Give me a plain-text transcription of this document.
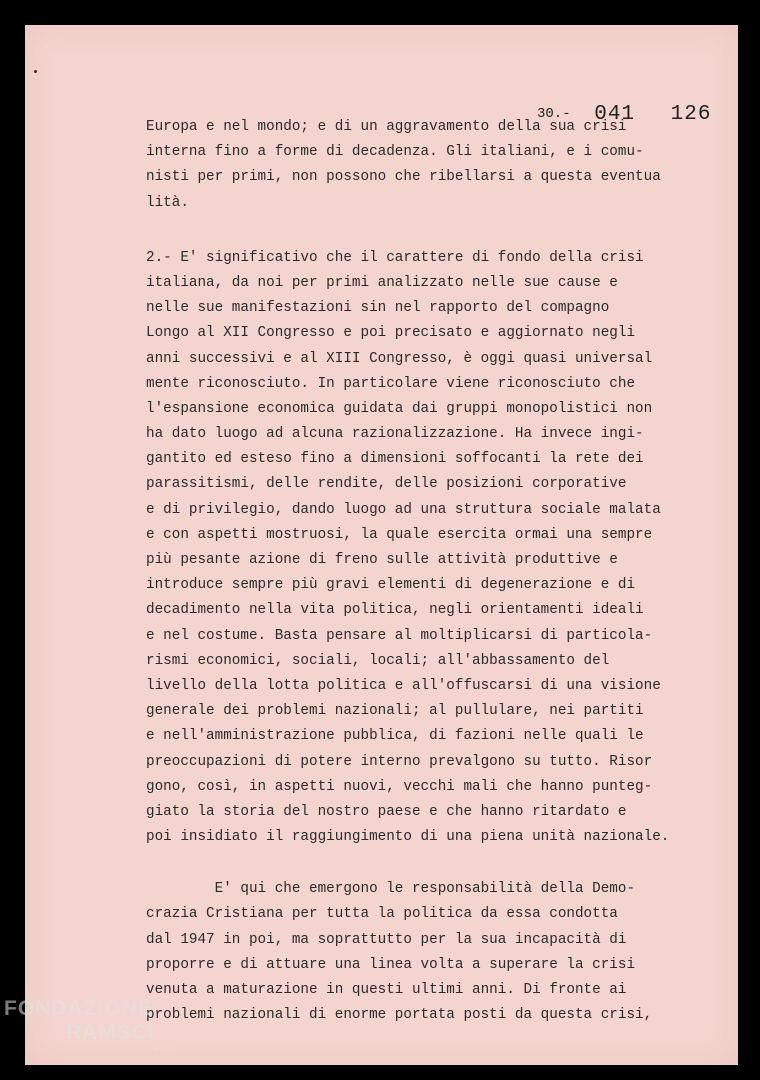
30.- 041 126
Europa e nel mondo; e di un aggravamento della sua crisi
interna fino a forme di decadenza. Gli italiani, e i comu-
nisti per primi, non possono che ribellarsi a questa eventua
lità.
2.- E' significativo che il carattere di fondo della crisi
italiana, da noi per primi analizzato nelle sue cause e
nelle sue manifestazioni sin nel rapporto del compagno
Longo al XII Congresso e poi precisato e aggiornato negli
anni successivi e al XIII Congresso, è oggi quasi universal
mente riconosciuto. In particolare viene riconosciuto che
l'espansione economica guidata dai gruppi monopolistici non
ha dato luogo ad alcuna razionalizzazione. Ha invece ingi-
gantito ed esteso fino a dimensioni soffocanti la rete dei
parassitismi, delle rendite, delle posizioni corporative
e di privilegio, dando luogo ad una struttura sociale malata
e con aspetti mostruosi, la quale esercita ormai una sempre
più pesante azione di freno sulle attività produttive e
introduce sempre più gravi elementi di degenerazione e di
decadimento nella vita politica, negli orientamenti ideali
e nel costume. Basta pensare al moltiplicarsi di particola-
rismi economici, sociali, locali; all'abbassamento del
livello della lotta politica e all'offuscarsi di una visione
generale dei problemi nazionali; al pullulare, nei partiti
e nell'amministrazione pubblica, di fazioni nelle quali le
preoccupazioni di potere interno prevalgono su tutto. Risor
gono, così, in aspetti nuovi, vecchi mali che hanno punteg-
giato la storia del nostro paese e che hanno ritardato e
poi insidiato il raggiungimento di una piena unità nazionale.
E' qui che emergono le responsabilità della Demo-
crazia Cristiana per tutta la politica da essa condotta
dal 1947 in poi, ma soprattutto per la sua incapacità di
proporre e di attuare una linea volta a superare la crisi
venuta a maturazione in questi ultimi anni. Di fronte ai
problemi nazionali di enorme portata posti da questa crisi,
FONDAZIONE
RAMSCI
onlus
